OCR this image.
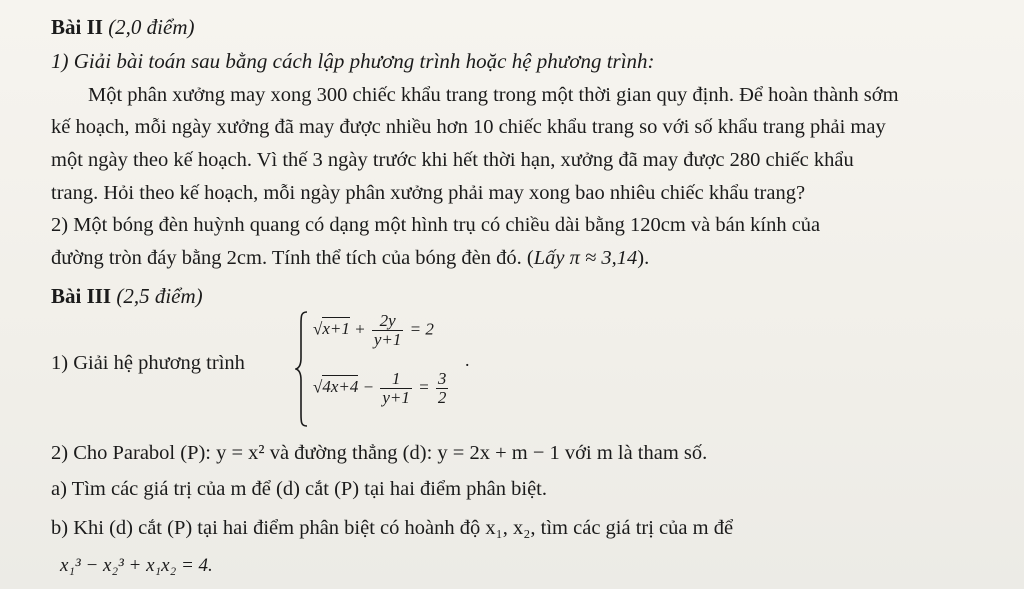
Bài II (2,0 điểm)
1) Giải bài toán sau bằng cách lập phương trình hoặc hệ phương trình:
Một phân xưởng may xong 300 chiếc khẩu trang trong một thời gian quy định. Để hoàn thành sớm
kế hoạch, mỗi ngày xưởng đã may được nhiều hơn 10 chiếc khẩu trang so với số khẩu trang phải may
một ngày theo kế hoạch. Vì thế 3 ngày trước khi hết thời hạn, xưởng đã may được 280 chiếc khẩu
trang. Hỏi theo kế hoạch, mỗi ngày phân xưởng phải may xong bao nhiêu chiếc khẩu trang?
2) Một bóng đèn huỳnh quang có dạng một hình trụ có chiều dài bằng 120cm và bán kính của
đường tròn đáy bằng 2cm. Tính thể tích của bóng đèn đó. (Lấy π ≈ 3,14).
Bài III (2,5 điểm)
1) Giải hệ phương trình
$√x+1 + \frac{2y}{y+1} = 2$
$√4x+4 - \frac{1}{y+1} = \frac{3}{2}$
.
2) Cho Parabol (P): y = x² và đường thẳng (d): y = 2x + m − 1 với m là tham số.
a) Tìm các giá trị của m để (d) cắt (P) tại hai điểm phân biệt.
b) Khi (d) cắt (P) tại hai điểm phân biệt có hoành độ x₁, x₂, tìm các giá trị của m để
x₁³ − x₂³ + x₁x₂ = 4.
